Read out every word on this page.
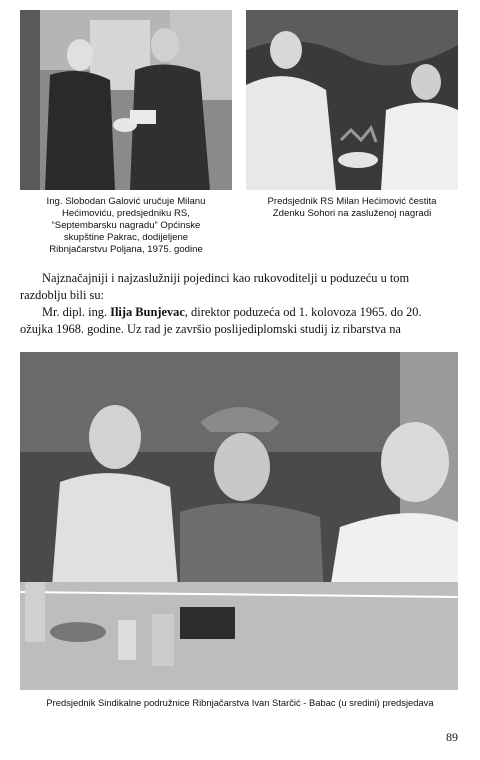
Ing. Slobodan Galović uručuje Milanu
Hećimoviću, predsjedniku RS,
“Septembarsku nagradu” Općinske
skupštine Pakrac, dodijeljene
Ribnjačarstvu Poljana, 1975. godine
Predsjednik RS Milan Hećimović čestita
Zdenku Sohori na zasluženoj nagradi
Najznačajniji i najzaslužniji pojedinci kao rukovoditelji u poduzeću u tom
razdoblju bili su:
Mr. dipl. ing. Ilija Bunjevac, direktor poduzeća od 1. kolovoza 1965. do 20.
ožujka 1968. godine. Uz rad je završio poslijediplomski studij iz ribarstva na
Predsjednik Sindikalne podružnice Ribnjačarstva Ivan Starčić - Babac (u sredini) predsjedava
89
